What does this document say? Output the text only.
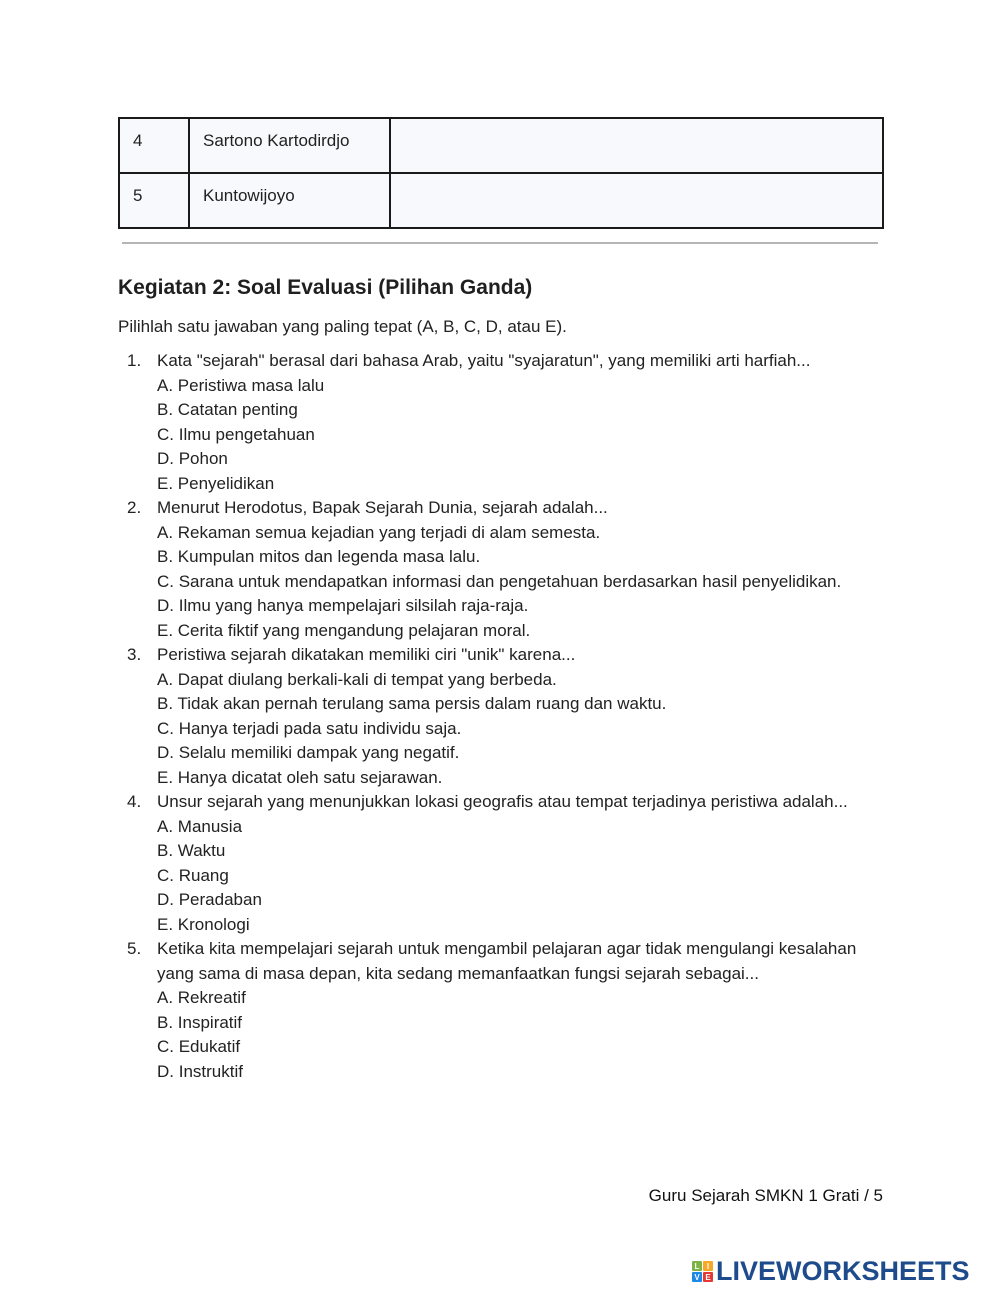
4	Sartono Kartodirdjo	
5	Kuntowijoyo	
Kegiatan 2: Soal Evaluasi (Pilihan Ganda)
Pilihlah satu jawaban yang paling tepat (A, B, C, D, atau E).
1. Kata "sejarah" berasal dari bahasa Arab, yaitu "syajaratun", yang memiliki arti harfiah...
A. Peristiwa masa lalu
B. Catatan penting
C. Ilmu pengetahuan
D. Pohon
E. Penyelidikan
2. Menurut Herodotus, Bapak Sejarah Dunia, sejarah adalah...
A. Rekaman semua kejadian yang terjadi di alam semesta.
B. Kumpulan mitos dan legenda masa lalu.
C. Sarana untuk mendapatkan informasi dan pengetahuan berdasarkan hasil penyelidikan.
D. Ilmu yang hanya mempelajari silsilah raja-raja.
E. Cerita fiktif yang mengandung pelajaran moral.
3. Peristiwa sejarah dikatakan memiliki ciri "unik" karena...
A. Dapat diulang berkali-kali di tempat yang berbeda.
B. Tidak akan pernah terulang sama persis dalam ruang dan waktu.
C. Hanya terjadi pada satu individu saja.
D. Selalu memiliki dampak yang negatif.
E. Hanya dicatat oleh satu sejarawan.
4. Unsur sejarah yang menunjukkan lokasi geografis atau tempat terjadinya peristiwa adalah...
A. Manusia
B. Waktu
C. Ruang
D. Peradaban
E. Kronologi
5. Ketika kita mempelajari sejarah untuk mengambil pelajaran agar tidak mengulangi kesalahan yang sama di masa depan, kita sedang memanfaatkan fungsi sejarah sebagai...
A. Rekreatif
B. Inspiratif
C. Edukatif
D. Instruktif
Guru Sejarah SMKN 1 Grati / 5
L I
V E LIVEWORKSHEETS
